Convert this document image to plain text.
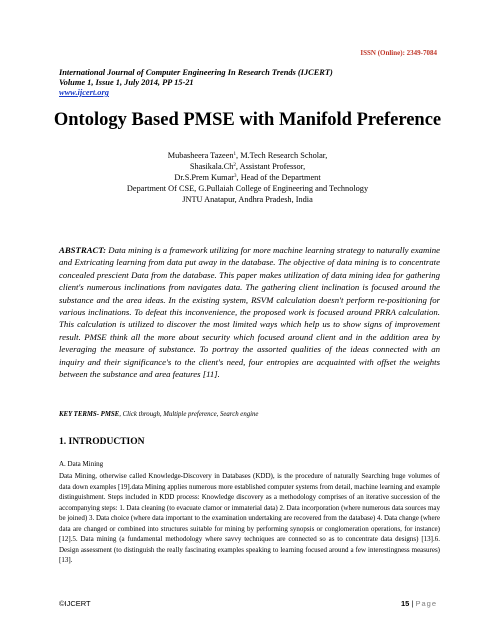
ISSN (Online): 2349-7084
International Journal of Computer Engineering In Research Trends (IJCERT)
Volume 1, Issue 1, July 2014, PP 15-21
www.ijcert.org
Ontology Based PMSE with Manifold Preference
Mubasheera Tazeen$^1$, M.Tech Research Scholar,
Shasikala.Ch$^2$, Assistant Professor,
Dr.S.Prem Kumar$^3$, Head of the Department
Department Of CSE, G.Pullaiah College of Engineering and Technology
JNTU Anatapur, Andhra Pradesh, India
ABSTRACT: Data mining is a framework utilizing for more machine learning strategy to naturally examine and Extricating learning from data put away in the database. The objective of data mining is to concentrate concealed prescient Data from the database. This paper makes utilization of data mining idea for gathering client's numerous inclinations from navigates data. The gathering client inclination is focused around the substance and the area ideas. In the existing system, RSVM calculation doesn't perform re-positioning for various inclinations. To defeat this inconvenience, the proposed work is focused around PRRA calculation. This calculation is utilized to discover the most limited ways which help us to show signs of improvement result. PMSE think all the more about security which focused around client and in the addition area by leveraging the measure of substance. To portray the assorted qualities of the ideas connected with an inquiry and their significance's to the client's need, four entropies are acquainted with offset the weights between the substance and area features [11].
KEY TERMS- PMSE, Click through, Multiple preference, Search engine
1. INTRODUCTION
A. Data Mining
Data Mining, otherwise called Knowledge-Discovery in Databases (KDD), is the procedure of naturally Searching huge volumes of data down examples [19].data Mining applies numerous more established computer systems from detail, machine learning and example distinguishment. Steps included in KDD process: Knowledge discovery as a methodology comprises of an iterative succession of the accompanying steps: 1. Data cleaning (to evacuate clamor or immaterial data) 2. Data incorporation (where numerous data sources may be joined) 3. Data choice (where data important to the examination undertaking are recovered from the database) 4. Data change (where data are changed or combined into structures suitable for mining by performing synopsis or conglomeration operations, for instance)[12].5. Data mining (a fundamental methodology where savvy techniques are connected so as to concentrate data designs) [13].6. Design assessment (to distinguish the really fascinating examples speaking to learning focused around a few interestingness measures) [13].
©IJCERT	15 | Page
